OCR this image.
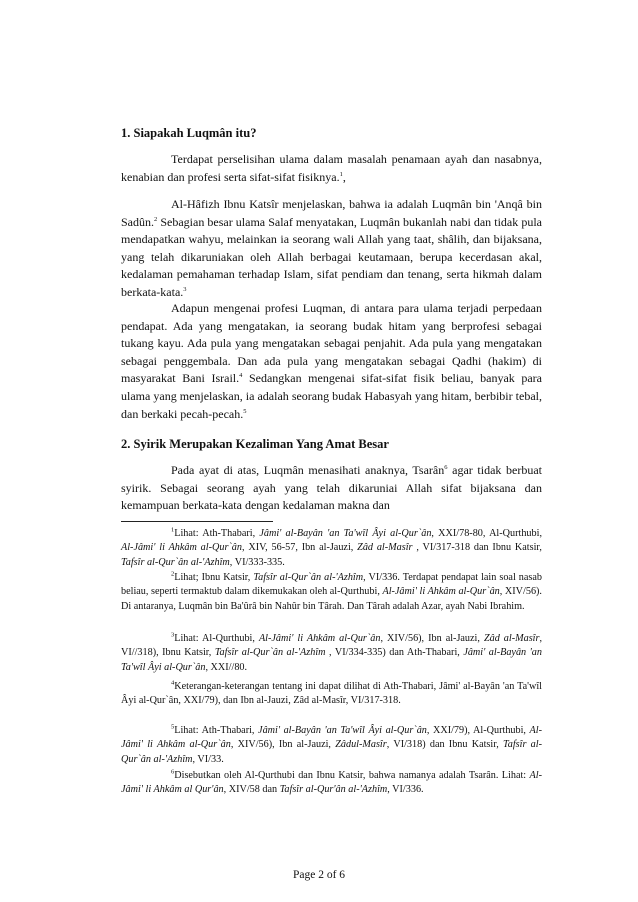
1. Siapakah Luqmân itu?

Terdapat perselisihan ulama dalam masalah penamaan ayah dan nasabnya, kenabian dan profesi serta sifat-sifat fisiknya.$^1$,

Al-Hâfizh Ibnu Katsîr menjelaskan, bahwa ia adalah Luqmân bin 'Anqâ bin Sadûn.$^2$ Sebagian besar ulama Salaf menyatakan, Luqmân bukanlah nabi dan tidak pula mendapatkan wahyu, melainkan ia seorang wali Allah yang taat, shâlih, dan bijaksana, yang telah dikaruniakan oleh Allah berbagai keutamaan, berupa kecerdasan akal, kedalaman pemahaman terhadap Islam, sifat pendiam dan tenang, serta hikmah dalam berkata-kata.$^3$

Adapun mengenai profesi Luqman, di antara para ulama terjadi perpedaan pendapat. Ada yang mengatakan, ia seorang budak hitam yang berprofesi sebagai tukang kayu. Ada pula yang mengatakan sebagai penjahit. Ada pula yang mengatakan sebagai penggembala. Dan ada pula yang mengatakan sebagai Qadhi (hakim) di masyarakat Bani Israil.$^4$ Sedangkan mengenai sifat-sifat fisik beliau, banyak para ulama yang menjelaskan, ia adalah seorang budak Habasyah yang hitam, berbibir tebal, dan berkaki pecah-pecah.$^5$

2. Syirik Merupakan Kezaliman Yang Amat Besar

Pada ayat di atas, Luqmân menasihati anaknya, Tsarân$^6$ agar tidak berbuat syirik. Sebagai seorang ayah yang telah dikaruniai Allah sifat bijaksana dan kemampuan berkata-kata dengan kedalaman makna dan

$^1$Lihat: Ath-Thabari, Jâmi' al-Bayân 'an Ta'wîl Âyi al-Qur`ân, XXI/78-80, Al-Qurthubi, Al-Jâmi' li Ahkâm al-Qur`ân, XIV, 56-57, Ibn al-Jauzi, Zâd al-Masîr , VI/317-318 dan Ibnu Katsir, Tafsîr al-Qur`ân al-'Azhîm, VI/333-335.

$^2$Lihat; Ibnu Katsir, Tafsîr al-Qur`ân al-'Azhîm, VI/336. Terdapat pendapat lain soal nasab beliau, seperti termaktub dalam dikemukakan oleh al-Qurthubi, Al-Jâmi' li Ahkâm al-Qur`ân, XIV/56). Di antaranya, Luqmân bin Ba'ûrâ bin Nahûr bin Târah. Dan Târah adalah Azar, ayah Nabi Ibrahim.

$^3$Lihat: Al-Qurthubi, Al-Jâmi' li Ahkâm al-Qur`ân, XIV/56), Ibn al-Jauzi, Zâd al-Masîr, VI//318), Ibnu Katsir, Tafsîr al-Qur`ân al-'Azhîm , VI/334-335) dan Ath-Thabari, Jâmi' al-Bayân 'an Ta'wîl Âyi al-Qur`ân, XXI//80.

$^4$Keterangan-keterangan tentang ini dapat dilihat di Ath-Thabari, Jâmi' al-Bayân 'an Ta'wîl Âyi al-Qur`ân, XXI/79), dan Ibn al-Jauzi, Zâd al-Masîr, VI/317-318.

$^5$Lihat: Ath-Thabari, Jâmi' al-Bayân 'an Ta'wîl Âyi al-Qur`ân, XXI/79), Al-Qurthubi, Al-Jâmi' li Ahkâm al-Qur`ân, XIV/56), Ibn al-Jauzi, Zâdul-Masîr, VI/318) dan Ibnu Katsir, Tafsîr al-Qur`ân al-'Azhîm, VI/33.

$^6$Disebutkan oleh Al-Qurthubi dan Ibnu Katsir, bahwa namanya adalah Tsarân. Lihat: Al-Jâmi' li Ahkâm al Qur'ân, XIV/58 dan Tafsîr al-Qur'ân al-'Azhîm, VI/336.

Page 2 of 6
